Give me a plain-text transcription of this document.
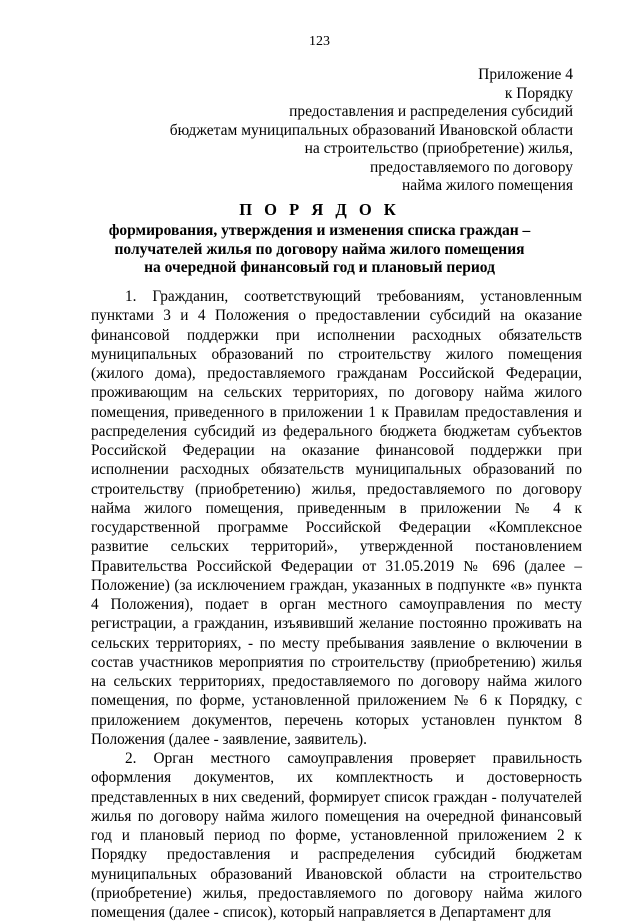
123
Приложение 4
к Порядку
предоставления и распределения субсидий
бюджетам муниципальных образований Ивановской области
на строительство (приобретение) жилья,
предоставляемого по договору
найма жилого помещения
П О Р Я Д О К
формирования, утверждения и изменения списка граждан –
получателей жилья по договору найма жилого помещения
на очередной финансовый год и плановый период

1. Гражданин, соответствующий требованиям, установленным пунктами 3 и 4 Положения о предоставлении субсидий на оказание финансовой поддержки при исполнении расходных обязательств муниципальных образований по строительству жилого помещения (жилого дома), предоставляемого гражданам Российской Федерации, проживающим на сельских территориях, по договору найма жилого помещения, приведенного в приложении 1 к Правилам предоставления и распределения субсидий из федерального бюджета бюджетам субъектов Российской Федерации на оказание финансовой поддержки при исполнении расходных обязательств муниципальных образований по строительству (приобретению) жилья, предоставляемого по договору найма жилого помещения, приведенным в приложении № 4 к государственной программе Российской Федерации «Комплексное развитие сельских территорий», утвержденной постановлением Правительства Российской Федерации от 31.05.2019 № 696 (далее – Положение) (за исключением граждан, указанных в подпункте «в» пункта 4 Положения), подает в орган местного самоуправления по месту регистрации, а гражданин, изъявивший желание постоянно проживать на сельских территориях, - по месту пребывания заявление о включении в состав участников мероприятия по строительству (приобретению) жилья на сельских территориях, предоставляемого по договору найма жилого помещения, по форме, установленной приложением № 6 к Порядку, с приложением документов, перечень которых установлен пунктом 8 Положения (далее - заявление, заявитель).

2. Орган местного самоуправления проверяет правильность оформления документов, их комплектность и достоверность представленных в них сведений, формирует список граждан - получателей жилья по договору найма жилого помещения на очередной финансовый год и плановый период по форме, установленной приложением 2 к Порядку предоставления и распределения субсидий бюджетам муниципальных образований Ивановской области на строительство (приобретение) жилья, предоставляемого по договору найма жилого помещения (далее - список), который направляется в Департамент для
